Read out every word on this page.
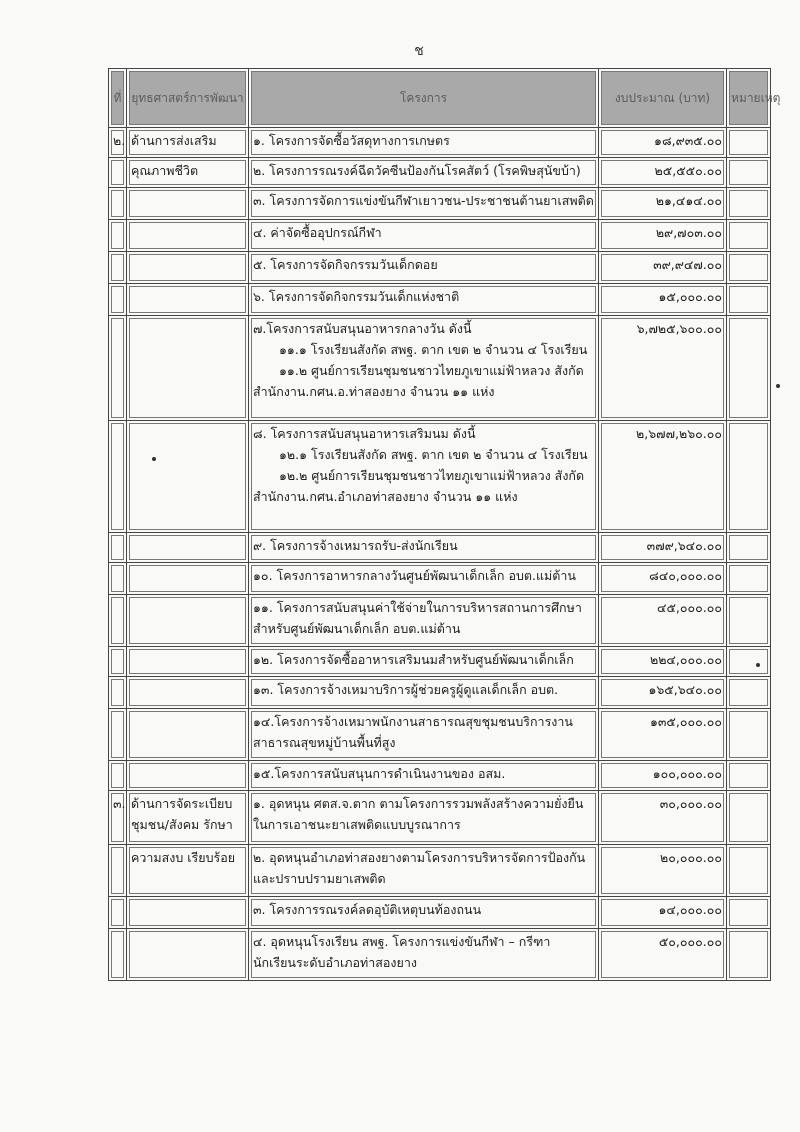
ช
ที่	ยุทธศาสตร์การพัฒนา	โครงการ	งบประมาณ (บาท)	หมายเหตุ
๒.	ด้านการส่งเสริม	๑. โครงการจัดซื้อวัสดุทางการเกษตร	๑๘,๙๓๕.๐๐	
	คุณภาพชีวิต	๒. โครงการรณรงค์ฉีดวัคซีนป้องกันโรคสัตว์ (โรคพิษสุนัขบ้า)	๒๕,๕๕๐.๐๐	

		๓. โครงการจัดการแข่งขันกีฬาเยาวชน-ประชาชนต้านยาเสพติด	๒๑,๔๑๔.๐๐	

		๔. ค่าจัดซื้ออุปกรณ์กีฬา	๒๙,๗๐๓.๐๐	

		๕. โครงการจัดกิจกรรมวันเด็กดอย	๓๙,๙๔๗.๐๐	

		๖. โครงการจัดกิจกรรมวันเด็กแห่งชาติ	๑๕,๐๐๐.๐๐	

		๗.โครงการสนับสนุนอาหารกลางวัน ดังนี้
๑๑.๑ โรงเรียนสังกัด สพฐ. ตาก เขต ๒ จำนวน ๔ โรงเรียน
๑๑.๒ ศูนย์การเรียนชุมชนชาวไทยภูเขาแม่ฟ้าหลวง สังกัด
สำนักงาน.กศน.อ.ท่าสองยาง จำนวน ๑๑ แห่ง	๖,๗๒๕,๖๐๐.๐๐	

		๘. โครงการสนับสนุนอาหารเสริมนม ดังนี้
๑๒.๑ โรงเรียนสังกัด สพฐ. ตาก เขต ๒ จำนวน ๔ โรงเรียน
๑๒.๒ ศูนย์การเรียนชุมชนชาวไทยภูเขาแม่ฟ้าหลวง สังกัด
สำนักงาน.กศน.อำเภอท่าสองยาง จำนวน ๑๑ แห่ง	๒,๖๗๗,๒๖๐.๐๐	

		๙. โครงการจ้างเหมารถรับ-ส่งนักเรียน	๓๗๙,๖๔๐.๐๐	

		๑๐. โครงการอาหารกลางวันศูนย์พัฒนาเด็กเล็ก อบต.แม่ต้าน	๘๔๐,๐๐๐.๐๐	

		๑๑. โครงการสนับสนุนค่าใช้จ่ายในการบริหารสถานการศึกษา
สำหรับศูนย์พัฒนาเด็กเล็ก อบต.แม่ต้าน	๔๕,๐๐๐.๐๐	

		๑๒. โครงการจัดซื้ออาหารเสริมนมสำหรับศูนย์พัฒนาเด็กเล็ก	๒๒๔,๐๐๐.๐๐	

		๑๓. โครงการจ้างเหมาบริการผู้ช่วยครูผู้ดูแลเด็กเล็ก อบต.	๑๖๕,๖๔๐.๐๐	

		๑๔.โครงการจ้างเหมาพนักงานสาธารณสุขชุมชนบริการงาน
สาธารณสุขหมู่บ้านพื้นที่สูง	๑๓๕,๐๐๐.๐๐	

		๑๕.โครงการสนับสนุนการดำเนินงานของ อสม.	๑๐๐,๐๐๐.๐๐	
๓.	ด้านการจัดระเบียบ ชุมชน/สังคม รักษา	๑. อุดหนุน ศตส.จ.ตาก ตามโครงการรวมพลังสร้างความยั่งยืน
ในการเอาชนะยาเสพติดแบบบูรณาการ	๓๐,๐๐๐.๐๐	
	ความสงบ เรียบร้อย	๒. อุดหนุนอำเภอท่าสองยางตามโครงการบริหารจัดการป้องกัน
และปราบปรามยาเสพติด	๒๐,๐๐๐.๐๐	

		๓. โครงการรณรงค์ลดอุบัติเหตุบนท้องถนน	๑๔,๐๐๐.๐๐	

		๔. อุดหนุนโรงเรียน สพฐ. โครงการแข่งขันกีฬา – กรีฑา
นักเรียนระดับอำเภอท่าสองยาง	๕๐,๐๐๐.๐๐	
